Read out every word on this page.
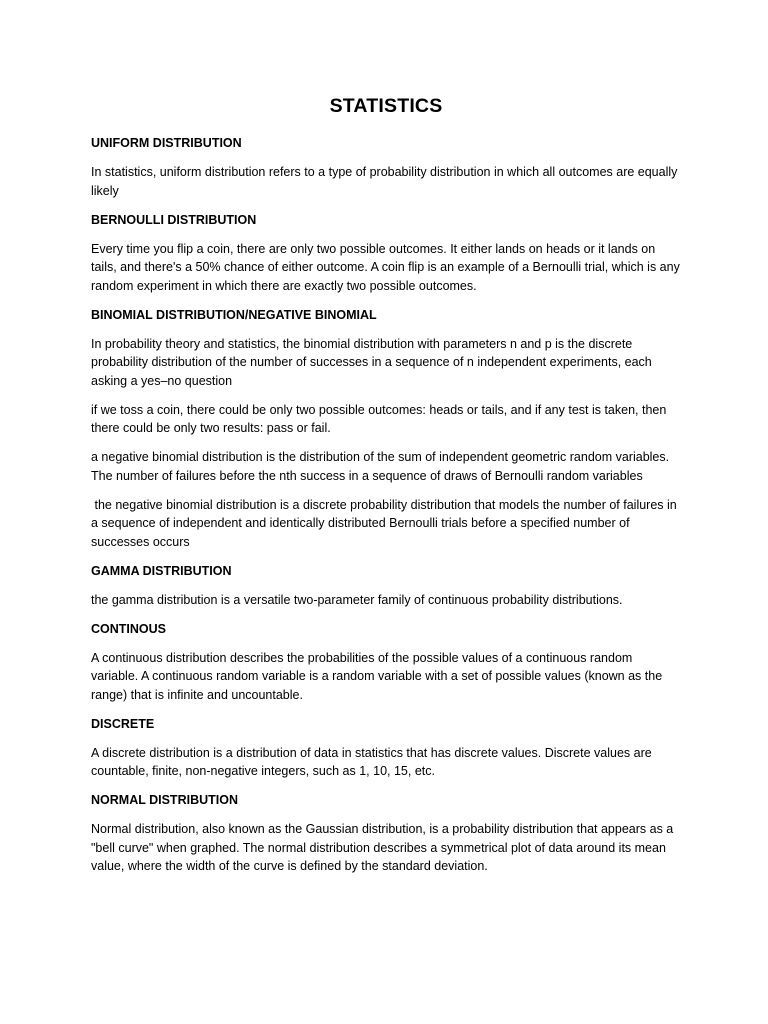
STATISTICS
UNIFORM DISTRIBUTION

In statistics, uniform distribution refers to a type of probability distribution in which all outcomes are equally likely

BERNOULLI DISTRIBUTION

Every time you flip a coin, there are only two possible outcomes. It either lands on heads or it lands on tails, and there's a 50% chance of either outcome. A coin flip is an example of a Bernoulli trial, which is any random experiment in which there are exactly two possible outcomes.

BINOMIAL DISTRIBUTION/NEGATIVE BINOMIAL

In probability theory and statistics, the binomial distribution with parameters n and p is the discrete probability distribution of the number of successes in a sequence of n independent experiments, each asking a yes–no question

if we toss a coin, there could be only two possible outcomes: heads or tails, and if any test is taken, then there could be only two results: pass or fail.

a negative binomial distribution is the distribution of the sum of independent geometric random variables. The number of failures before the nth success in a sequence of draws of Bernoulli random variables

the negative binomial distribution is a discrete probability distribution that models the number of failures in a sequence of independent and identically distributed Bernoulli trials before a specified number of successes occurs

GAMMA DISTRIBUTION

the gamma distribution is a versatile two-parameter family of continuous probability distributions.

CONTINOUS

A continuous distribution describes the probabilities of the possible values of a continuous random variable. A continuous random variable is a random variable with a set of possible values (known as the range) that is infinite and uncountable.

DISCRETE

A discrete distribution is a distribution of data in statistics that has discrete values. Discrete values are countable, finite, non-negative integers, such as 1, 10, 15, etc.

NORMAL DISTRIBUTION

Normal distribution, also known as the Gaussian distribution, is a probability distribution that appears as a "bell curve" when graphed. The normal distribution describes a symmetrical plot of data around its mean value, where the width of the curve is defined by the standard deviation.
